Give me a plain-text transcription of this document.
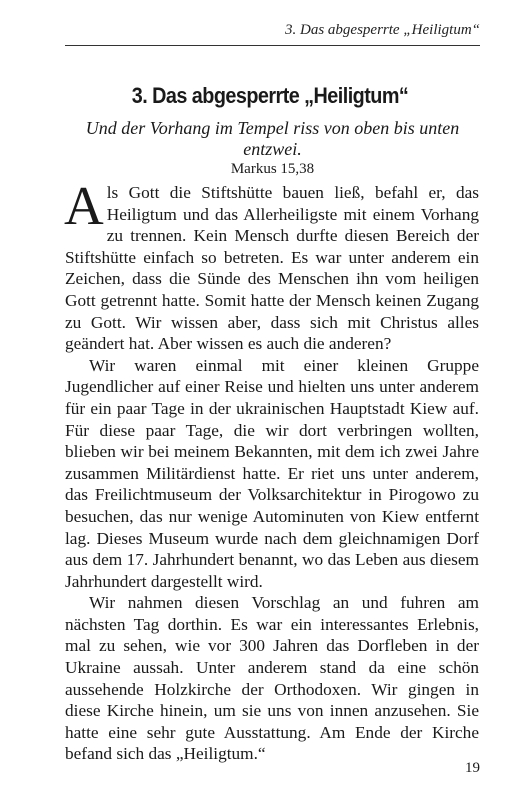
3. Das abgesperrte „Heiligtum“
3. Das abgesperrte „Heiligtum“
Und der Vorhang im Tempel riss von oben bis unten entzwei.
Markus 15,38

Als Gott die Stiftshütte bauen ließ, befahl er, das Heiligtum und das Allerheiligste mit einem Vorhang zu trennen. Kein Mensch durfte diesen Bereich der Stiftshütte einfach so betreten. Es war unter anderem ein Zeichen, dass die Sünde des Menschen ihn vom heiligen Gott getrennt hatte. Somit hatte der Mensch keinen Zugang zu Gott. Wir wissen aber, dass sich mit Christus alles geändert hat. Aber wissen es auch die anderen?

Wir waren einmal mit einer kleinen Gruppe Jugendlicher auf einer Reise und hielten uns unter anderem für ein paar Tage in der ukrainischen Hauptstadt Kiew auf. Für diese paar Tage, die wir dort verbringen wollten, blieben wir bei meinem Bekannten, mit dem ich zwei Jahre zusammen Militärdienst hatte. Er riet uns unter anderem, das Freilichtmuseum der Volksarchitektur in Pirogowo zu besuchen, das nur wenige Autominuten von Kiew entfernt lag. Dieses Museum wurde nach dem gleichnamigen Dorf aus dem 17. Jahrhundert benannt, wo das Leben aus diesem Jahrhundert dargestellt wird.

Wir nahmen diesen Vorschlag an und fuhren am nächsten Tag dorthin. Es war ein interessantes Erlebnis, mal zu sehen, wie vor 300 Jahren das Dorfleben in der Ukraine aussah. Unter anderem stand da eine schön aussehende Holzkirche der Orthodoxen. Wir gingen in diese Kirche hinein, um sie uns von innen anzusehen. Sie hatte eine sehr gute Ausstattung. Am Ende der Kirche befand sich das „Heiligtum.“

19
